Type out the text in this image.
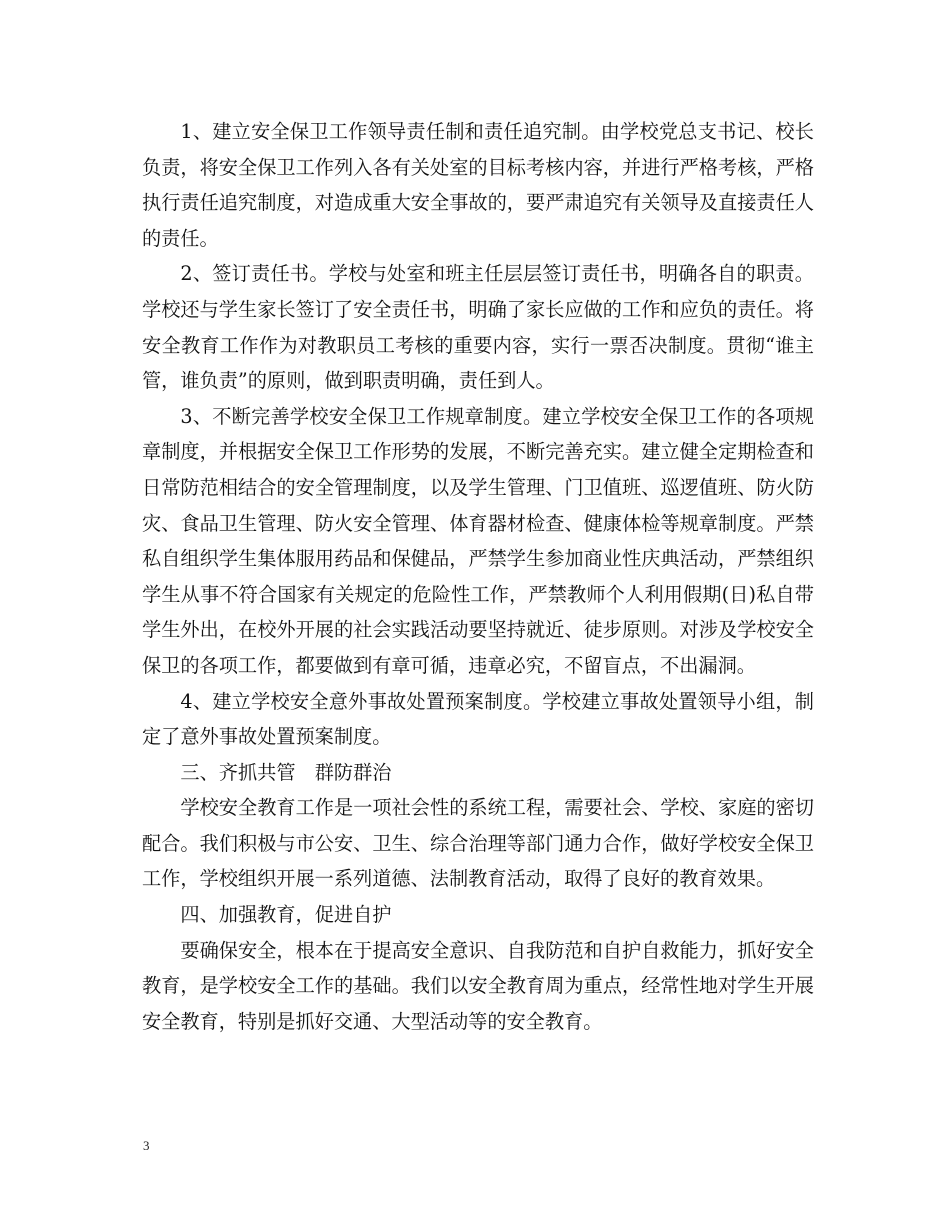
1、建立安全保卫工作领导责任制和责任追究制。由学校党总支书记、校长负责，将安全保卫工作列入各有关处室的目标考核内容，并进行严格考核，严格执行责任追究制度，对造成重大安全事故的，要严肃追究有关领导及直接责任人的责任。

2、签订责任书。学校与处室和班主任层层签订责任书，明确各自的职责。学校还与学生家长签订了安全责任书，明确了家长应做的工作和应负的责任。将安全教育工作作为对教职员工考核的重要内容，实行一票否决制度。贯彻“谁主管，谁负责”的原则，做到职责明确，责任到人。

3、不断完善学校安全保卫工作规章制度。建立学校安全保卫工作的各项规章制度，并根据安全保卫工作形势的发展，不断完善充实。建立健全定期检查和日常防范相结合的安全管理制度，以及学生管理、门卫值班、巡逻值班、防火防灾、食品卫生管理、防火安全管理、体育器材检查、健康体检等规章制度。严禁私自组织学生集体服用药品和保健品，严禁学生参加商业性庆典活动，严禁组织学生从事不符合国家有关规定的危险性工作，严禁教师个人利用假期(日)私自带学生外出，在校外开展的社会实践活动要坚持就近、徒步原则。对涉及学校安全保卫的各项工作，都要做到有章可循，违章必究，不留盲点，不出漏洞。

4、建立学校安全意外事故处置预案制度。学校建立事故处置领导小组，制定了意外事故处置预案制度。

三、齐抓共管　群防群治

学校安全教育工作是一项社会性的系统工程，需要社会、学校、家庭的密切配合。我们积极与市公安、卫生、综合治理等部门通力合作，做好学校安全保卫工作，学校组织开展一系列道德、法制教育活动，取得了良好的教育效果。

四、加强教育，促进自护

要确保安全，根本在于提高安全意识、自我防范和自护自救能力，抓好安全教育，是学校安全工作的基础。我们以安全教育周为重点，经常性地对学生开展安全教育，特别是抓好交通、大型活动等的安全教育。

3
